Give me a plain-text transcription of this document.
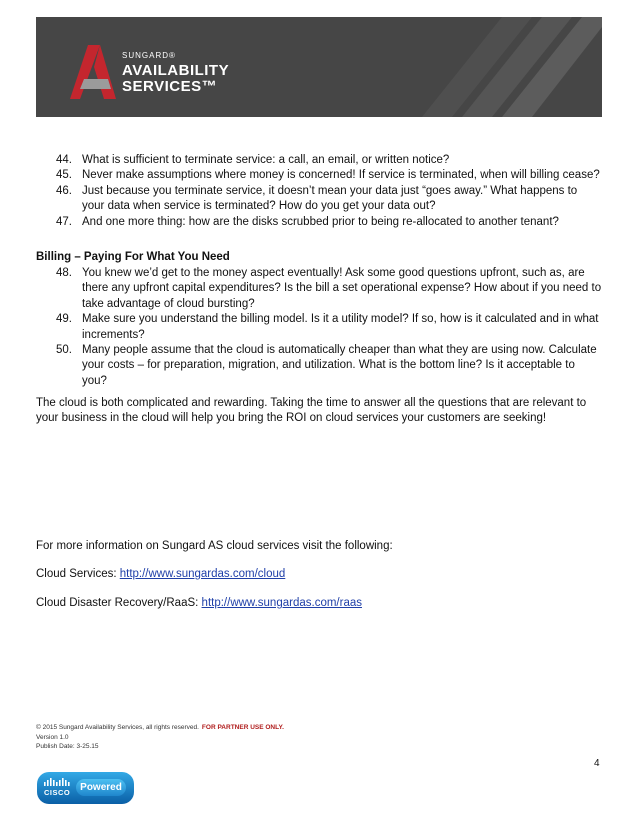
SUNGARD®
AVAILABILITY
SERVICES™
44. What is sufficient to terminate service: a call, an email, or written notice?
45. Never make assumptions where money is concerned! If service is terminated, when will billing cease?
46. Just because you terminate service, it doesn’t mean your data just “goes away.” What happens to your data when service is terminated? How do you get your data out?
47. And one more thing: how are the disks scrubbed prior to being re-allocated to another tenant?
Billing – Paying For What You Need
48. You knew we’d get to the money aspect eventually! Ask some good questions upfront, such as, are there any upfront capital expenditures? Is the bill a set operational expense? How about if you need to take advantage of cloud bursting?
49. Make sure you understand the billing model. Is it a utility model? If so, how is it calculated and in what increments?
50. Many people assume that the cloud is automatically cheaper than what they are using now. Calculate your costs – for preparation, migration, and utilization. What is the bottom line? Is it acceptable to you?

The cloud is both complicated and rewarding. Taking the time to answer all the questions that are relevant to your business in the cloud will help you bring the ROI on cloud services your customers are seeking!

For more information on Sungard AS cloud services visit the following:
Cloud Services: http://www.sungardas.com/cloud
Cloud Disaster Recovery/RaaS: http://www.sungardas.com/raas
© 2015 Sungard Availability Services, all rights reserved. FOR PARTNER USE ONLY.
Version 1.0
Publish Date: 3-25.15
4
CISCO Powered
